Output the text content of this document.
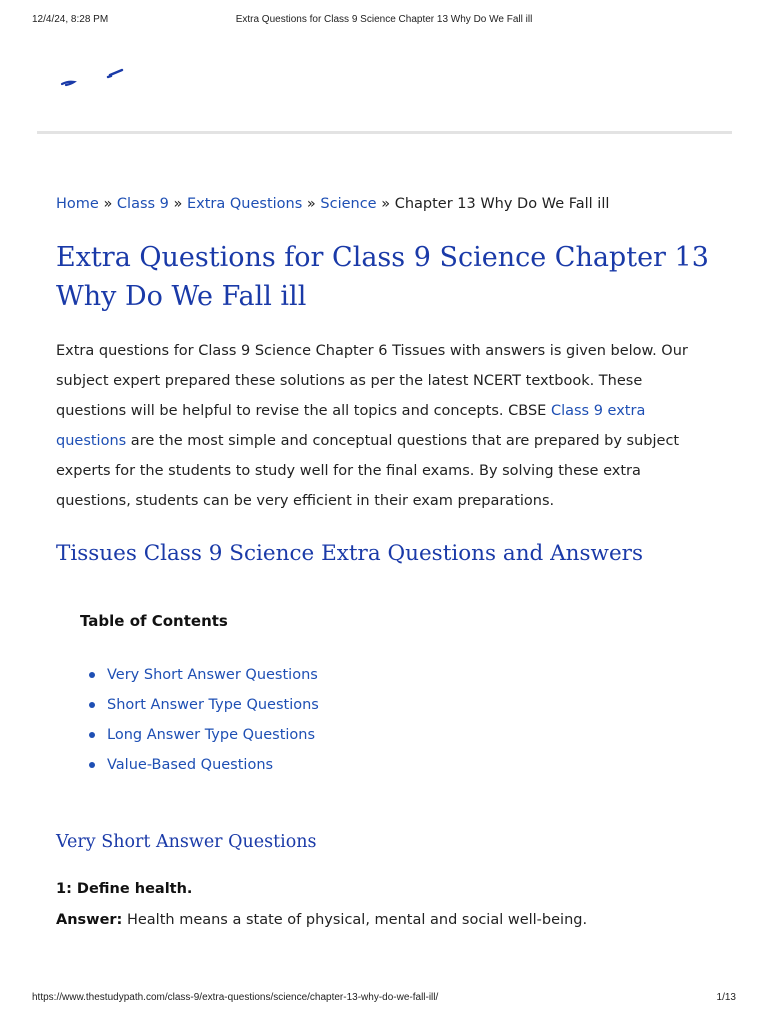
12/4/24, 8:28 PM	Extra Questions for Class 9 Science Chapter 13 Why Do We Fall ill
Home » Class 9 » Extra Questions » Science » Chapter 13 Why Do We Fall ill
Extra Questions for Class 9 Science Chapter 13 Why Do We Fall ill

Extra questions for Class 9 Science Chapter 6 Tissues with answers is given below. Our subject expert prepared these solutions as per the latest NCERT textbook. These questions will be helpful to revise the all topics and concepts. CBSE Class 9 extra questions are the most simple and conceptual questions that are prepared by subject experts for the students to study well for the final exams. By solving these extra questions, students can be very efficient in their exam preparations.

Tissues Class 9 Science Extra Questions and Answers
Table of Contents
Very Short Answer Questions
Short Answer Type Questions
Long Answer Type Questions
Value-Based Questions
Very Short Answer Questions
1: Define health.
Answer: Health means a state of physical, mental and social well-being.
https://www.thestudypath.com/class-9/extra-questions/science/chapter-13-why-do-we-fall-ill/	1/13
